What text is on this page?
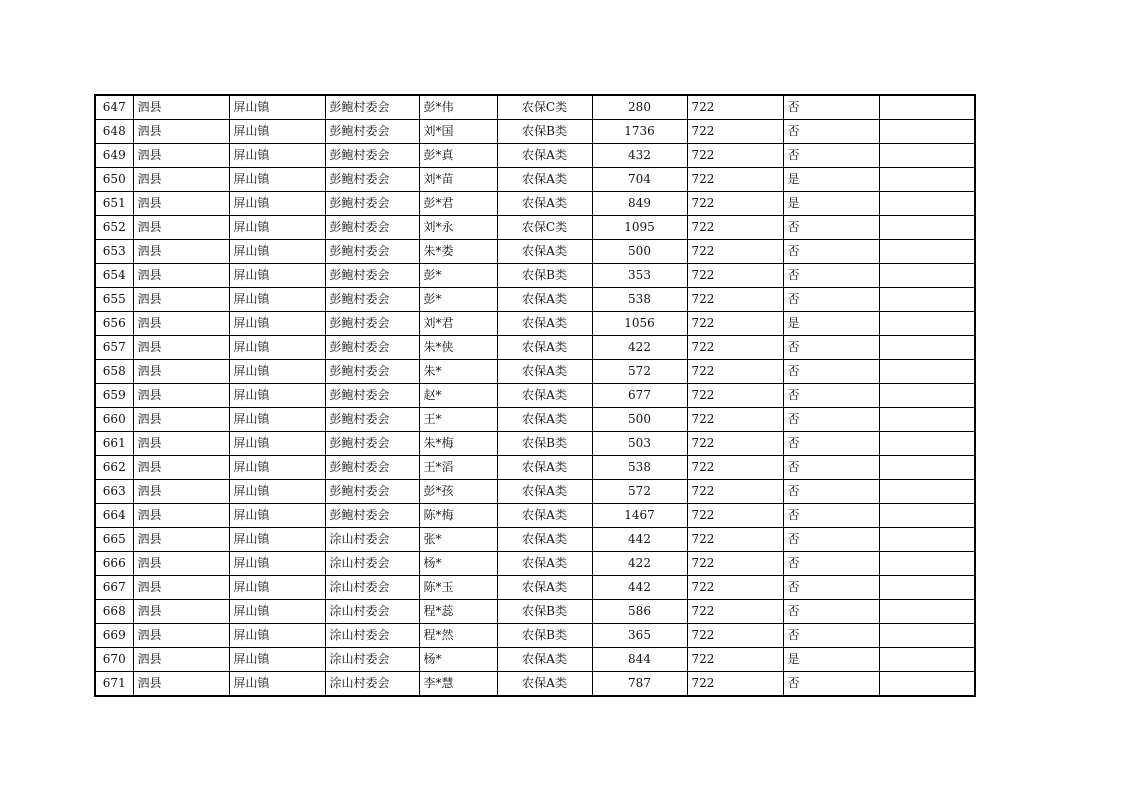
647	泗县	屏山镇	彭鲍村委会	彭*伟	农保C类	280	722	否	
648	泗县	屏山镇	彭鲍村委会	刘*国	农保B类	1736	722	否	
649	泗县	屏山镇	彭鲍村委会	彭*真	农保A类	432	722	否	
650	泗县	屏山镇	彭鲍村委会	刘*苗	农保A类	704	722	是	
651	泗县	屏山镇	彭鲍村委会	彭*君	农保A类	849	722	是	
652	泗县	屏山镇	彭鲍村委会	刘*永	农保C类	1095	722	否	
653	泗县	屏山镇	彭鲍村委会	朱*娄	农保A类	500	722	否	
654	泗县	屏山镇	彭鲍村委会	彭*	农保B类	353	722	否	
655	泗县	屏山镇	彭鲍村委会	彭*	农保A类	538	722	否	
656	泗县	屏山镇	彭鲍村委会	刘*君	农保A类	1056	722	是	
657	泗县	屏山镇	彭鲍村委会	朱*侠	农保A类	422	722	否	
658	泗县	屏山镇	彭鲍村委会	朱*	农保A类	572	722	否	
659	泗县	屏山镇	彭鲍村委会	赵*	农保A类	677	722	否	
660	泗县	屏山镇	彭鲍村委会	王*	农保A类	500	722	否	
661	泗县	屏山镇	彭鲍村委会	朱*梅	农保B类	503	722	否	
662	泗县	屏山镇	彭鲍村委会	王*滔	农保A类	538	722	否	
663	泗县	屏山镇	彭鲍村委会	彭*孩	农保A类	572	722	否	
664	泗县	屏山镇	彭鲍村委会	陈*梅	农保A类	1467	722	否	
665	泗县	屏山镇	涂山村委会	张*	农保A类	442	722	否	
666	泗县	屏山镇	涂山村委会	杨*	农保A类	422	722	否	
667	泗县	屏山镇	涂山村委会	陈*玉	农保A类	442	722	否	
668	泗县	屏山镇	涂山村委会	程*蕊	农保B类	586	722	否	
669	泗县	屏山镇	涂山村委会	程*然	农保B类	365	722	否	
670	泗县	屏山镇	涂山村委会	杨*	农保A类	844	722	是	
671	泗县	屏山镇	涂山村委会	李*慧	农保A类	787	722	否	
